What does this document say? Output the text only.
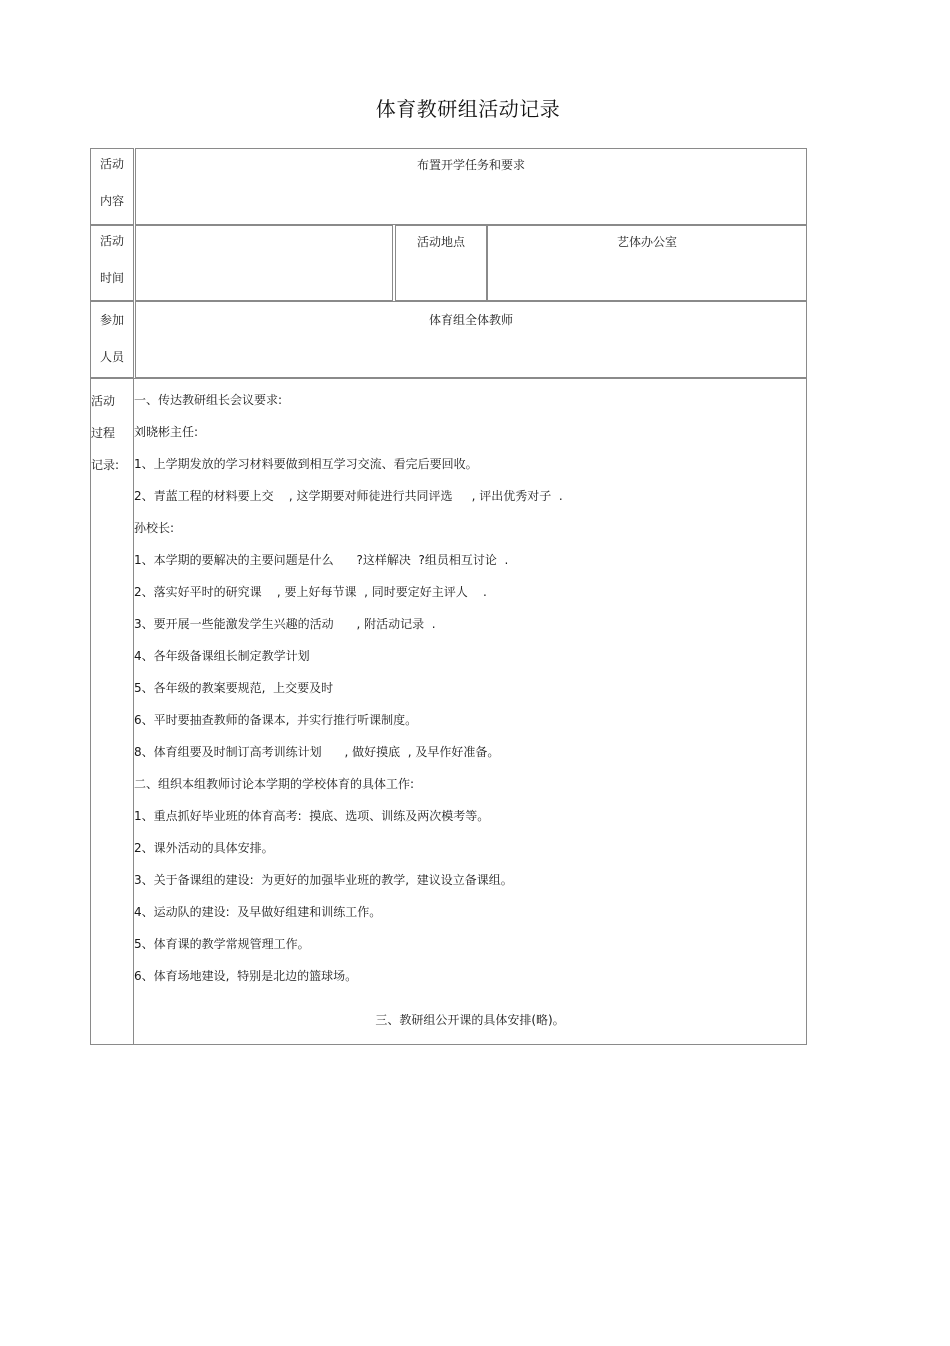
体育教研组活动记录
活动
内容
布置开学任务和要求
活动
时间
活动地点	艺体办公室
参加
人员
体育组全体教师
活动
过程
记录:
一、传达教研组长会议要求:
刘晓彬主任:
1、上学期发放的学习材料要做到相互学习交流、看完后要回收。
2、青蓝工程的材料要上交    , 这学期要对师徒进行共同评选     , 评出优秀对子  .
孙校长:
1、本学期的要解决的主要问题是什么      ?这样解决  ?组员相互讨论  .
2、落实好平时的研究课    , 要上好每节课  , 同时要定好主评人    .
3、要开展一些能激发学生兴趣的活动      , 附活动记录  .
4、各年级备课组长制定教学计划
5、各年级的教案要规范,  上交要及时
6、平时要抽查教师的备课本,  并实行推行听课制度。
8、体育组要及时制订高考训练计划      , 做好摸底  , 及早作好准备。
二、组织本组教师讨论本学期的学校体育的具体工作:
1、重点抓好毕业班的体育高考:  摸底、选项、训练及两次模考等。
2、课外活动的具体安排。
3、关于备课组的建设:  为更好的加强毕业班的教学,  建议设立备课组。
4、运动队的建设:  及早做好组建和训练工作。
5、体育课的教学常规管理工作。
6、体育场地建设,  特别是北边的篮球场。
三、教研组公开课的具体安排(略)。
